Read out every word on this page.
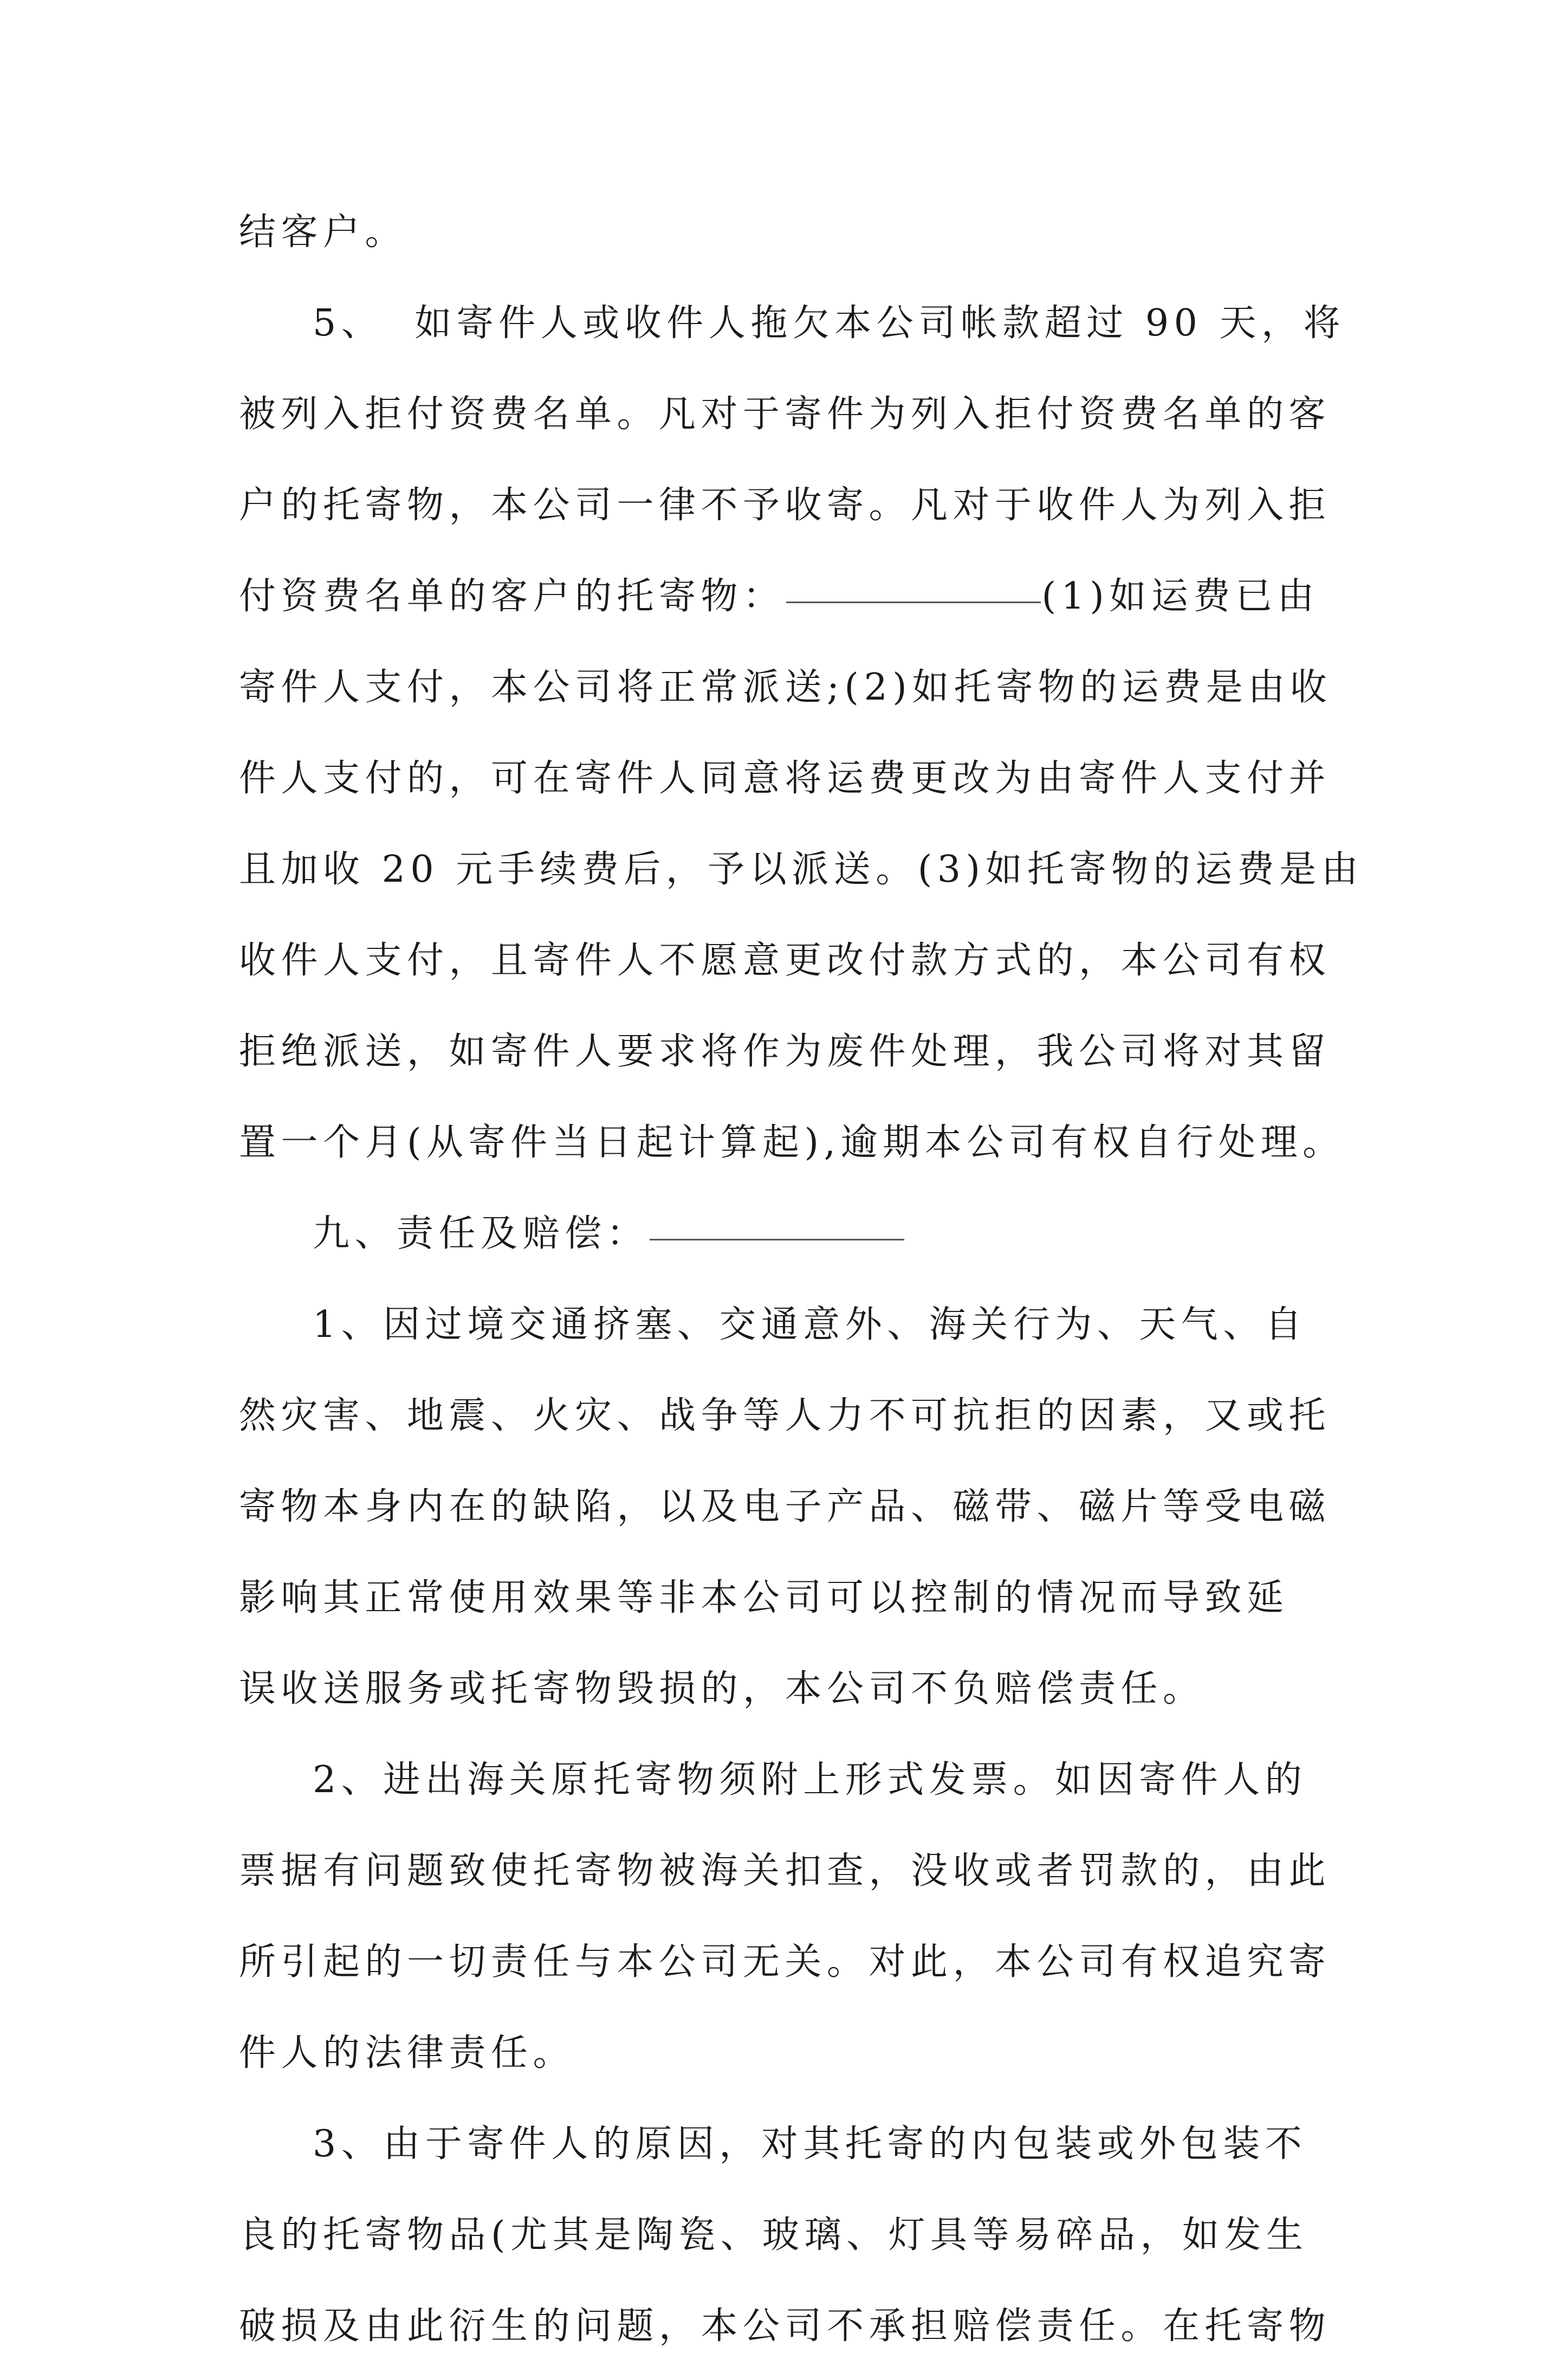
结客户。
5、 如寄件人或收件人拖欠本公司帐款超过 90 天，将
被列入拒付资费名单。凡对于寄件为列入拒付资费名单的客
户的托寄物，本公司一律不予收寄。凡对于收件人为列入拒
付资费名单的客户的托寄物：	(1)如运费已由
寄件人支付，本公司将正常派送;(2)如托寄物的运费是由收
件人支付的，可在寄件人同意将运费更改为由寄件人支付并
且加收 20 元手续费后，予以派送。(3)如托寄物的运费是由
收件人支付，且寄件人不愿意更改付款方式的，本公司有权
拒绝派送，如寄件人要求将作为废件处理，我公司将对其留
置一个月(从寄件当日起计算起),逾期本公司有权自行处理。
九、责任及赔偿：
1、因过境交通挤塞、交通意外、海关行为、天气、自
然灾害、地震、火灾、战争等人力不可抗拒的因素，又或托
寄物本身内在的缺陷，以及电子产品、磁带、磁片等受电磁
影响其正常使用效果等非本公司可以控制的情况而导致延
误收送服务或托寄物毁损的，本公司不负赔偿责任。
2、进出海关原托寄物须附上形式发票。如因寄件人的
票据有问题致使托寄物被海关扣查，没收或者罚款的，由此
所引起的一切责任与本公司无关。对此，本公司有权追究寄
件人的法律责任。
3、由于寄件人的原因，对其托寄的内包装或外包装不
良的托寄物品(尤其是陶瓷、玻璃、灯具等易碎品，如发生
破损及由此衍生的问题，本公司不承担赔偿责任。在托寄物
